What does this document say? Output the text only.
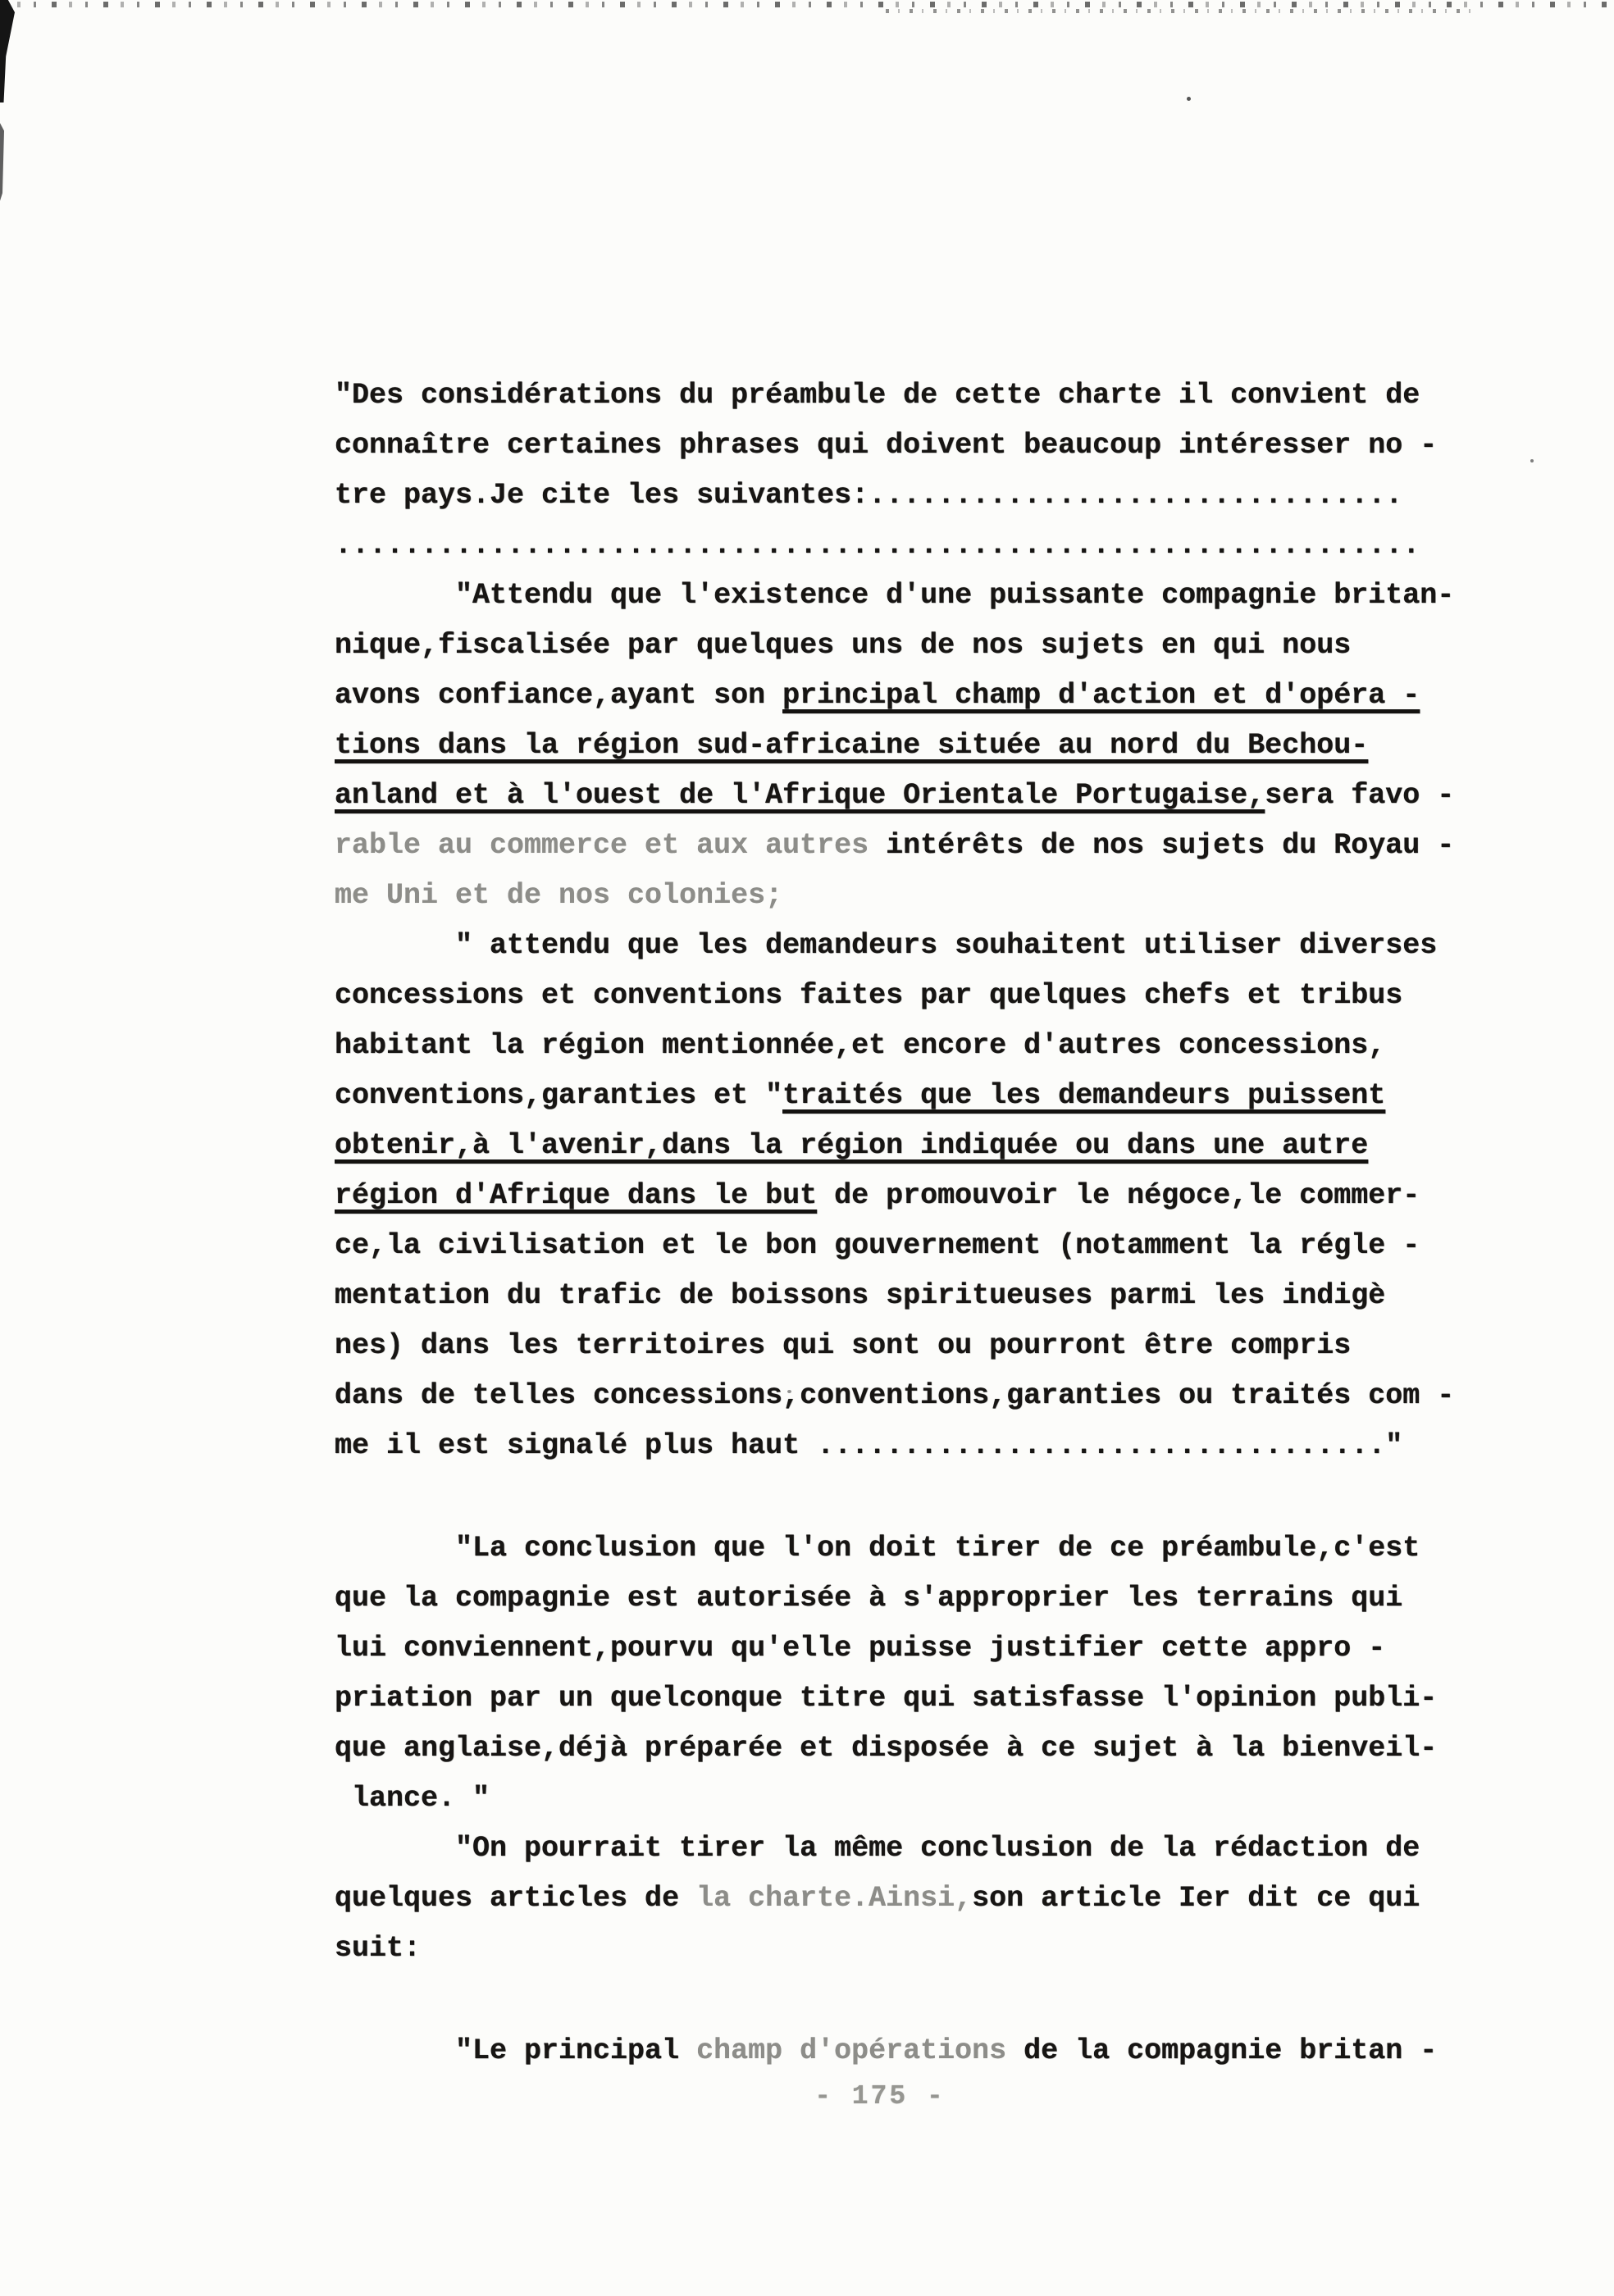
"Des considérations du préambule de cette charte il convient de
connaître certaines phrases qui doivent beaucoup intéresser no -
tre pays.Je cite les suivantes:...............................
...............................................................
"Attendu que l'existence d'une puissante compagnie britan-
nique,fiscalisée par quelques uns de nos sujets en qui nous
avons confiance,ayant son principal champ d'action et d'opéra -
tions dans la région sud-africaine située au nord du Bechou-
anland et à l'ouest de l'Afrique Orientale Portugaise,sera favo -
rable au commerce et aux autres intérêts de nos sujets du Royau -
me Uni et de nos colonies;
" attendu que les demandeurs souhaitent utiliser diverses
concessions et conventions faites par quelques chefs et tribus
habitant la région mentionnée,et encore d'autres concessions,
conventions,garanties et "traités que les demandeurs puissent
obtenir,à l'avenir,dans la région indiquée ou dans une autre
région d'Afrique dans le but de promouvoir le négoce,le commer-
ce,la civilisation et le bon gouvernement (notamment la régle -
mentation du trafic de boissons spiritueuses parmi les indigè
nes) dans les territoires qui sont ou pourront être compris
dans de telles concessions,conventions,garanties ou traités com -
me il est signalé plus haut ................................."
"La conclusion que l'on doit tirer de ce préambule,c'est
que la compagnie est autorisée à s'approprier les terrains qui
lui conviennent,pourvu qu'elle puisse justifier cette appro -
priation par un quelconque titre qui satisfasse l'opinion publi-
que anglaise,déjà préparée et disposée à ce sujet à la bienveil-
lance. "
"On pourrait tirer la même conclusion de la rédaction de
quelques articles de la charte.Ainsi,son article Ier dit ce qui
suit:
"Le principal champ d'opérations de la compagnie britan -
- 175 -
